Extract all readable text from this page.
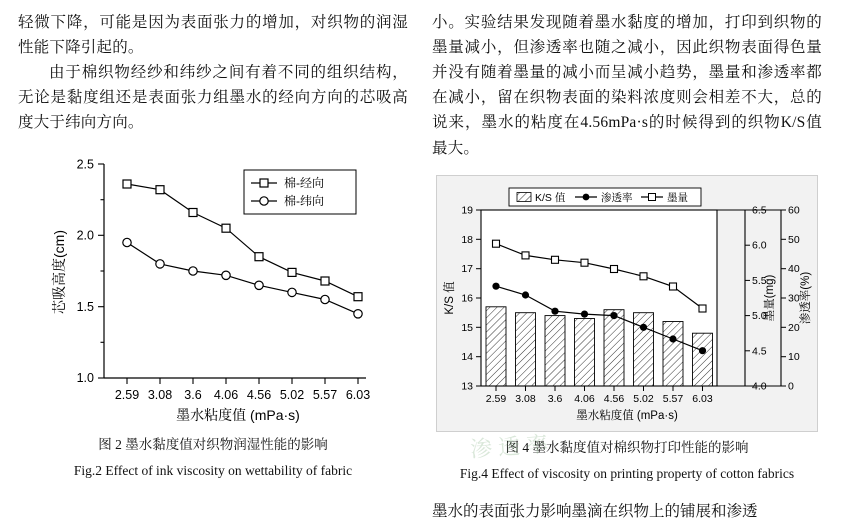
轻微下降，可能是因为表面张力的增加，对织物的润湿性能下降引起的。

由于棉织物经纱和纬纱之间有着不同的组织结构，无论是黏度组还是表面张力组墨水的经向方向的芯吸高度大于纬向方向。

1.0
1.5
2.0
2.5
2.59 3.08 3.6 4.06 4.56 5.02 5.57 6.03
墨水粘度值 (mPa·s)
芯吸高度(cm)
棉-经向
棉-纬向
图 2 墨水黏度值对织物润湿性能的影响
Fig.2 Effect of ink viscosity on wettability of fabric

小。实验结果发现随着墨水黏度的增加，打印到织物的墨量减小，但渗透率也随之减小，因此织物表面得色量并没有随着墨量的减小而呈减小趋势，墨量和渗透率都在减小，留在织物表面的染料浓度则会相差不大，总的说来，墨水的粘度在4.56mPa·s的时候得到的织物K/S值最大。

13
14
15
16
17
18
19
4.0
4.5
5.0
5.5
6.0
6.5
0
10
20
30
40
50
60
2.59 3.08 3.6 4.06 4.56 5.02 5.57 6.03
墨水粘度值 (mPa·s)
K/S 值	墨量(mg) 渗透率(%)
K/S 值	渗透率	墨量
图 4 墨水黏度值对棉织物打印性能的影响
Fig.4 Effect of viscosity on printing property of cotton fabrics

墨水的表面张力影响墨滴在织物上的铺展和渗透

渗透率
